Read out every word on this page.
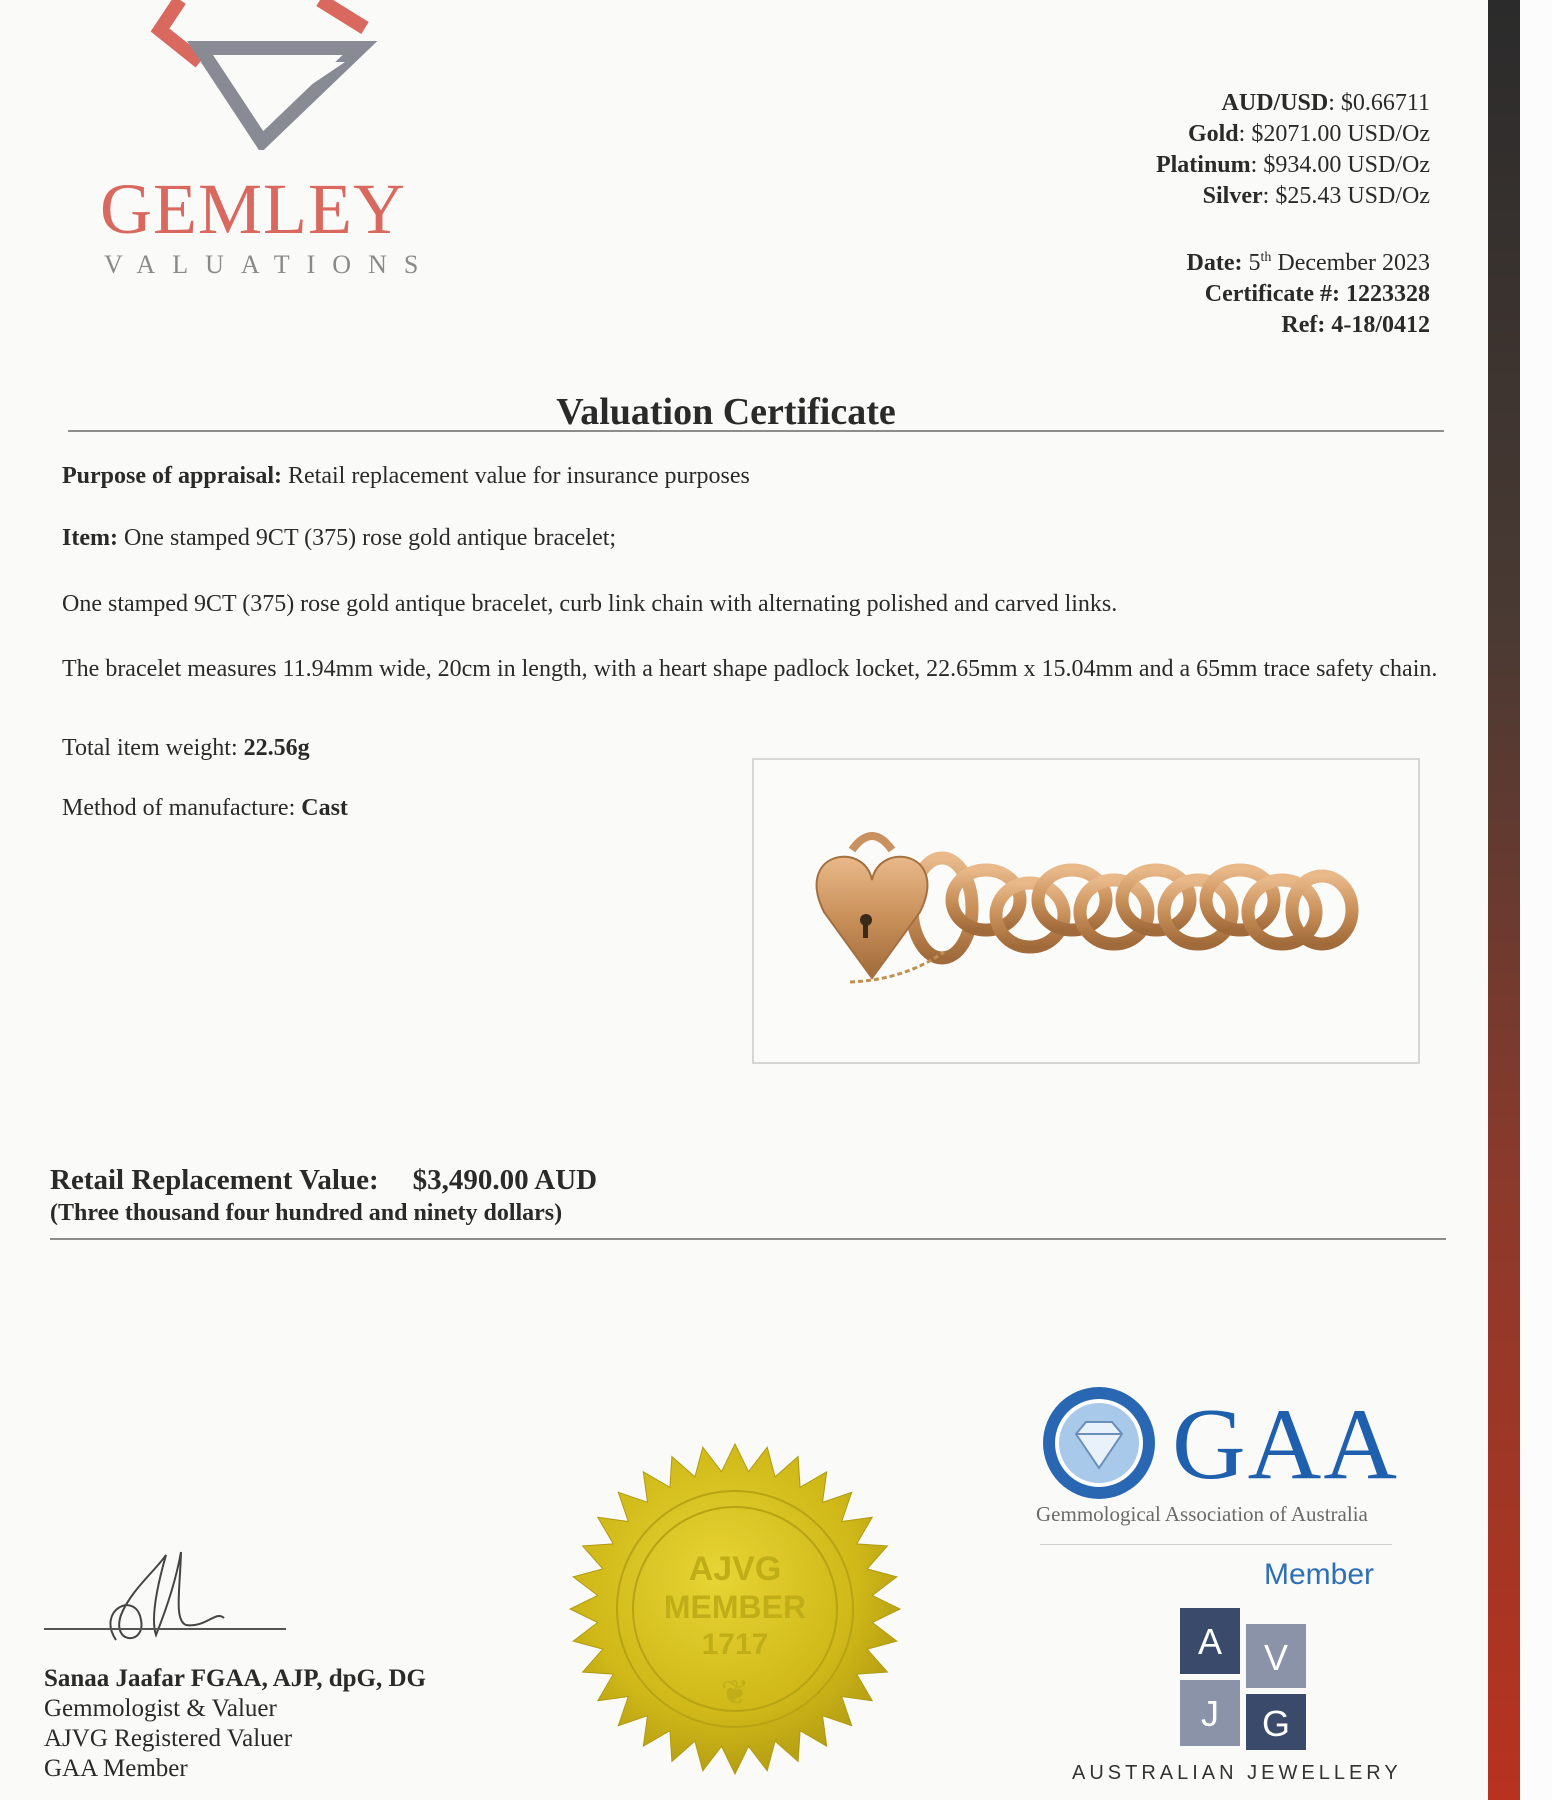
GEMLEY
VALUATIONS
AUD/USD: $0.66711
Gold: $2071.00 USD/Oz
Platinum: $934.00 USD/Oz
Silver: $25.43 USD/Oz
Date: 5th December 2023
Certificate #: 1223328
Ref: 4-18/0412
Valuation Certificate
Purpose of appraisal: Retail replacement value for insurance purposes
Item: One stamped 9CT (375) rose gold antique bracelet;
One stamped 9CT (375) rose gold antique bracelet, curb link chain with alternating polished and carved links.
The bracelet measures 11.94mm wide, 20cm in length, with a heart shape padlock locket, 22.65mm x 15.04mm and a 65mm trace safety chain.
Total item weight: 22.56g
Method of manufacture: Cast
Retail Replacement Value: $3,490.00 AUD
(Three thousand four hundred and ninety dollars)
Sanaa Jaafar FGAA, AJP, dpG, DG
Gemmologist & Valuer
AJVG Registered Valuer
GAA Member
AJVG
MEMBER
1717
❦
GAA
Gemmological Association of Australia
Member
A V
J G
AUSTRALIAN JEWELLERY
